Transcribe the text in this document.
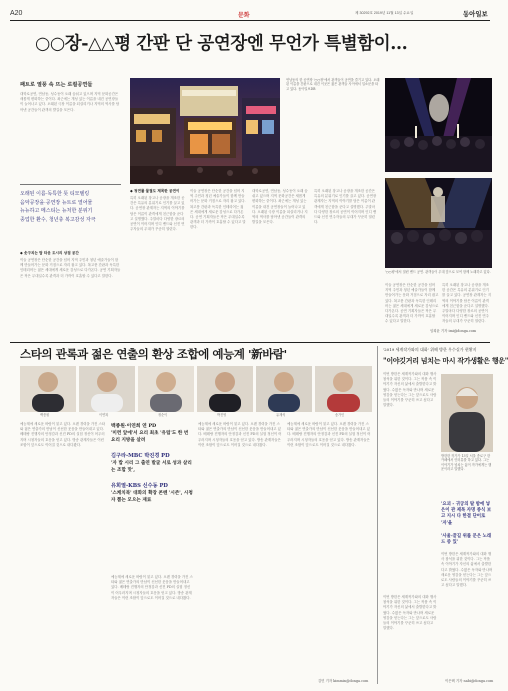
A20	문화	제 30292호 2019년 11월 13일 수요일	동아일보
○○장-△△평 간판 단 공연장엔 무언가 특별함이…
패트로 열풍 속 뜨는 로컬공연들
대학로공연, 연남동, 성수동이 오래 숨쉬고 있으며 지역 문화공간은 새롭게 변화하는 중이다. 최근에는 개성 있는 이름을 내건 공연장들이 늘어나고 있다. 오래된 극장 이름을 되살리거나 지역의 역사를 담아낸 공간들이 관객의 발길을 모은다.
오래된 이름·독특한 뜻 티모텔링
음악공장을·공연장 뉴트로 열어물
뉴뉴하고 메스티는 뉴처한 분위기
종업한 환수, 청년층 복고감성 자극
◆ 솟구치는 탑 타운 도시의 상점 공간
이들 공연장은 단순한 공간을 넘어 지역 주민과 청년 예술가들이 함께 만들어가는 문화 거점으로 자리 잡고 있다. 복고풍 간판과 독특한 인테리어는 젊은 세대에게 새로운 감성으로 다가온다. 공연 기획자들은 작은 무대일수록 관객과 더 가까이 호흡할 수 있다고 말한다.
연남동의 한 공연장 '○○장'에서 관객들이 공연을 즐기고 있다. 오래된 이름을 간판으로 내건 이곳은 젊은 관객들 사이에서 입소문을 타고 있다. 동아일보DB
◆ 청연를 물결도 제목한 공연이
특히 오래된 창고나 공장을 개조한 공간은 특유의 분위기로 인기를 끌고 있다. 공연장 관계자는 지역의 이야기를 담은 이름이 관객에게 친근함을 준다고 설명했다. 주말마다 다양한 장르의 공연이 이어지며 인디 밴드와 신진 연주자들의 무대가 꾸준히 열린다.
이들 공연장은 단순한 공간을 넘어 지역 주민과 청년 예술가들이 함께 만들어가는 문화 거점으로 자리 잡고 있다. 복고풍 간판과 독특한 인테리어는 젊은 세대에게 새로운 감성으로 다가온다. 공연 기획자들은 작은 무대일수록 관객과 더 가까이 호흡할 수 있다고 말한다.
대학로공연, 연남동, 성수동이 오래 숨쉬고 있으며 지역 문화공간은 새롭게 변화하는 중이다. 최근에는 개성 있는 이름을 내건 공연장들이 늘어나고 있다. 오래된 극장 이름을 되살리거나 지역의 역사를 담아낸 공간들이 관객의 발길을 모은다.
특히 오래된 창고나 공장을 개조한 공간은 특유의 분위기로 인기를 끌고 있다. 공연장 관계자는 지역의 이야기를 담은 이름이 관객에게 친근함을 준다고 설명했다. 주말마다 다양한 장르의 공연이 이어지며 인디 밴드와 신진 연주자들의 무대가 꾸준히 열린다.
'○○평'에서 열린 밴드 공연. 관객들이 무대 앞으로 모여 함께 노래하고 있다.
이들 공연장은 단순한 공간을 넘어 지역 주민과 청년 예술가들이 함께 만들어가는 문화 거점으로 자리 잡고 있다. 복고풍 간판과 독특한 인테리어는 젊은 세대에게 새로운 감성으로 다가온다. 공연 기획자들은 작은 무대일수록 관객과 더 가까이 호흡할 수 있다고 말한다.
특히 오래된 창고나 공장을 개조한 공간은 특유의 분위기로 인기를 끌고 있다. 공연장 관계자는 지역의 이야기를 담은 이름이 관객에게 친근함을 준다고 설명했다. 주말마다 다양한 장르의 공연이 이어지며 인디 밴드와 신진 연주자들의 무대가 꾸준히 열린다.
임희윤 기자 imi@donga.com
스타의 관록과 젊은 연출의 환상 조합에 예능계 '新바람'
백종원	이연복	정순이	박진영	유재석	송가인
예능계에 새로운 바람이 불고 있다. 오랜 경력을 가진 스타와 젊은 연출가의 만남이 신선한 웃음을 만들어내고 있다. 베테랑 진행자의 안정감과 신진 PD의 실험 정신이 어우러지며 시청자들의 호응을 얻고 있다. 방송 관계자들은 이런 조합이 앞으로도 이어질 것으로 내다봤다.
백종원·이연희 연 PD
'미련 앞에'서 요리 최초 '유럽'도 한 번 요리 지방을 살려
김구라-MBC 박진경 PD
'자 밥 시리 그 출연 발굴 서로 성과 살리는 조합 맛',
유희열-KBS 신수동 PD
'스케치북' 대화의 확장 콘텐 '시즌', 시청자 뽑는 모으는 재료
예능계에 새로운 바람이 불고 있다. 오랜 경력을 가진 스타와 젊은 연출가의 만남이 신선한 웃음을 만들어내고 있다. 베테랑 진행자의 안정감과 신진 PD의 실험 정신이 어우러지며 시청자들의 호응을 얻고 있다. 방송 관계자들은 이런 조합이 앞으로도 이어질 것으로 내다봤다.
예능계에 새로운 바람이 불고 있다. 오랜 경력을 가진 스타와 젊은 연출가의 만남이 신선한 웃음을 만들어내고 있다. 베테랑 진행자의 안정감과 신진 PD의 실험 정신이 어우러지며 시청자들의 호응을 얻고 있다. 방송 관계자들은 이런 조합이 앞으로도 이어질 것으로 내다봤다.
예능계에 새로운 바람이 불고 있다. 오랜 경력을 가진 스타와 젊은 연출가의 만남이 신선한 웃음을 만들어내고 있다. 베테랑 진행자의 안정감과 신진 PD의 실험 정신이 어우러지며 시청자들의 호응을 얻고 있다. 방송 관계자들은 이런 조합이 앞으로도 이어질 것으로 내다봤다.
김민 기자 kimmin@donga.com
'2019 세계작가와의 대화' 위해 방한 우수실가 현황지
"이야깃거리 넘치는 마시 작가생활은 행운"
이번 방한은 세계작가와의 대화 행사 참석을 위한 것이다. 그는 작품 속 이야기가 자신의 삶에서 출발한다고 밝혔다. 수많은 독자와 만나며 새로운 영감을 얻는다는 그는 앞으로도 사람들의 이야기를 꾸준히 쓰고 싶다고 말했다.
방한한 작가가 13일 서울 종로구 한 카페에서 인터뷰를 하고 있다. 그는 이야기가 넘치는 삶이 작가에게는 행운이라고 말했다.
'요괴 - 귀궁의 탈 밤에 넣은이 관 제목 자명 종식 보고 지시 다 한결 단어로 '자'을
'사울-끝길 위를 문은 노래드 중 있'
이번 방한은 세계작가와의 대화 행사 참석을 위한 것이다. 그는 작품 속 이야기가 자신의 삶에서 출발한다고 밝혔다. 수많은 독자와 만나며 새로운 영감을 얻는다는 그는 앞으로도 사람들의 이야기를 꾸준히 쓰고 싶다고 말했다.
이번 방한은 세계작가와의 대화 행사 참석을 위한 것이다. 그는 작품 속 이야기가 자신의 삶에서 출발한다고 밝혔다. 수많은 독자와 만나며 새로운 영감을 얻는다는 그는 앞으로도 사람들의 이야기를 꾸준히 쓰고 싶다고 말했다.
이은택 기자 nabi@donga.com
